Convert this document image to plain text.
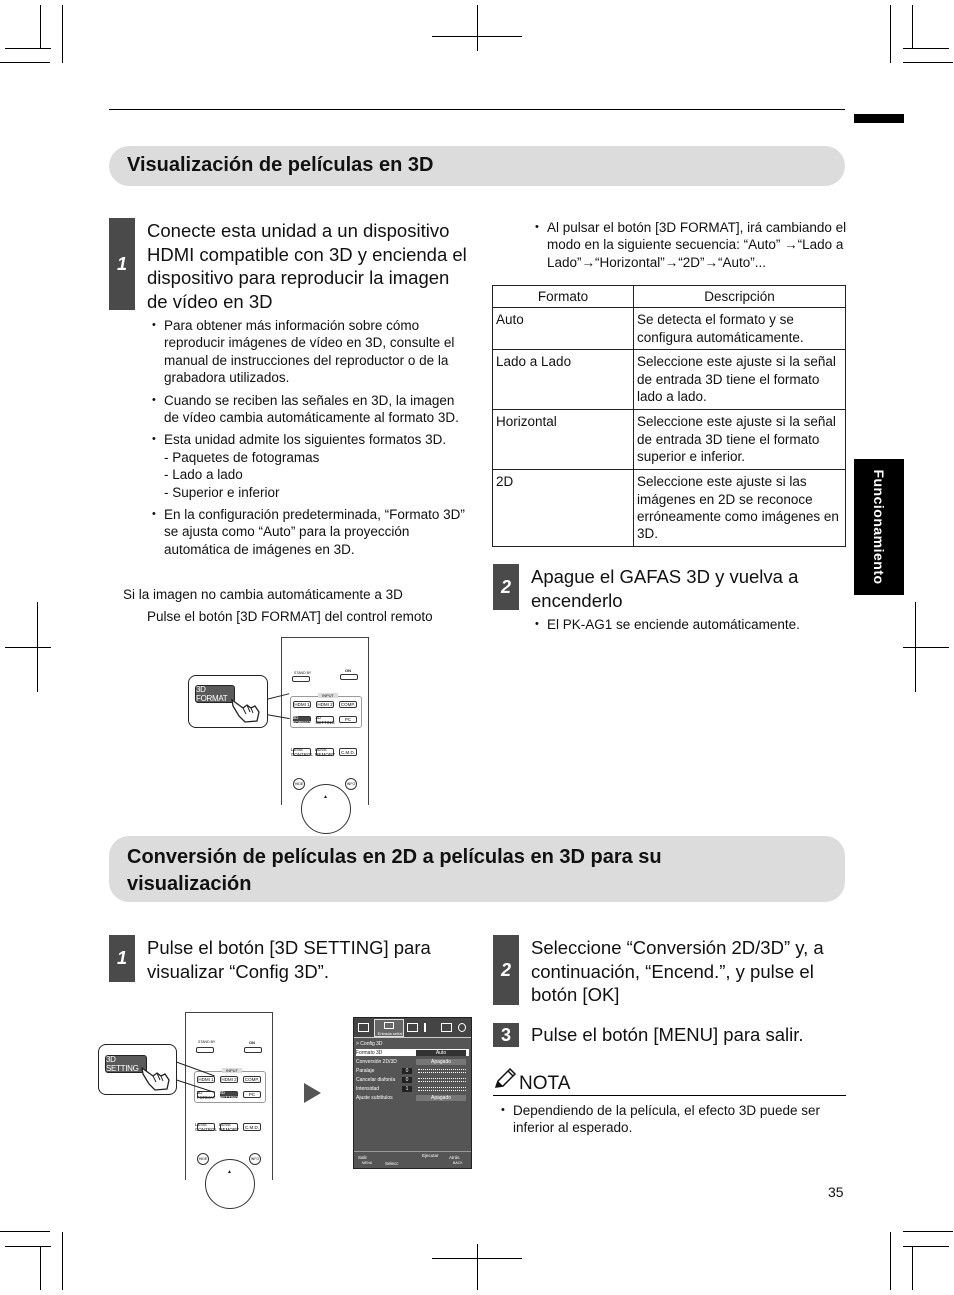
Visualización de películas en 3D
1
Conecte esta unidad a un dispositivo HDMI compatible con 3D y encienda el dispositivo para reproducir la imagen de vídeo en 3D
• Para obtener más información sobre cómo reproducir imágenes de vídeo en 3D, consulte el manual de instrucciones del reproductor o de la grabadora utilizados.
• Cuando se reciben las señales en 3D, la imagen de vídeo cambia automáticamente al formato 3D.
• Esta unidad admite los siguientes formatos 3D.
- Paquetes de fotogramas
- Lado a lado
- Superior e inferior
• En la configuración predeterminada, “Formato 3D” se ajusta como “Auto” para la proyección automática de imágenes en 3D.
Si la imagen no cambia automáticamente a 3D
Pulse el botón [3D FORMAT] del control remoto
STAND BY	ON
INPUT
HDMI 1	HDMI 2	COMP.
3D FORMAT
3D SETTING	PC
LENS CONTROL
LENS MEMORY	C.M.D.
HIDE	INFO
▲
3D FORMAT
• Al pulsar el botón [3D FORMAT], irá cambiando el modo en la siguiente secuencia: “Auto” →“Lado a Lado”→“Horizontal”→“2D”→“Auto”...
Formato	Descripción
Auto	Se detecta el formato y se configura automáticamente.
Lado a Lado	Seleccione este ajuste si la señal de entrada 3D tiene el formato lado a lado.
Horizontal	Seleccione este ajuste si la señal de entrada 3D tiene el formato superior e inferior.
2D	Seleccione este ajuste si las imágenes en 2D se reconoce erróneamente como imágenes en 3D.
2	Apague el GAFAS 3D y vuelva a encenderlo
• El PK-AG1 se enciende automáticamente.
Funcionamiento
Conversión de películas en 2D a películas en 3D para su visualización
1	Pulse el botón [3D SETTING] para visualizar “Config 3D”.
STAND BY	ON
INPUT
HDMI 1	HDMI 2	COMP.
3D FORMAT
3D SETTING	PC
LENS CONTROL
LENS MEMORY	C.M.D.
HIDE	INFO
▲
3D SETTING
Entrada señal
> Config 3D
Formato 3D	Auto
Conversión 2D/3D	Apagado
Paralaje	0
Cancelar diafonía	0
Intensidad	1
Ajuste subtítulos	Apagado
Salir
MENU	Selecc
Ejecutar Atrás
BACK
2
Seleccione “Conversión 2D/3D” y, a continuación, “Encend.”, y pulse el botón [OK]
3	Pulse el botón [MENU] para salir.
NOTA
• Dependiendo de la película, el efecto 3D puede ser inferior al esperado.
35
